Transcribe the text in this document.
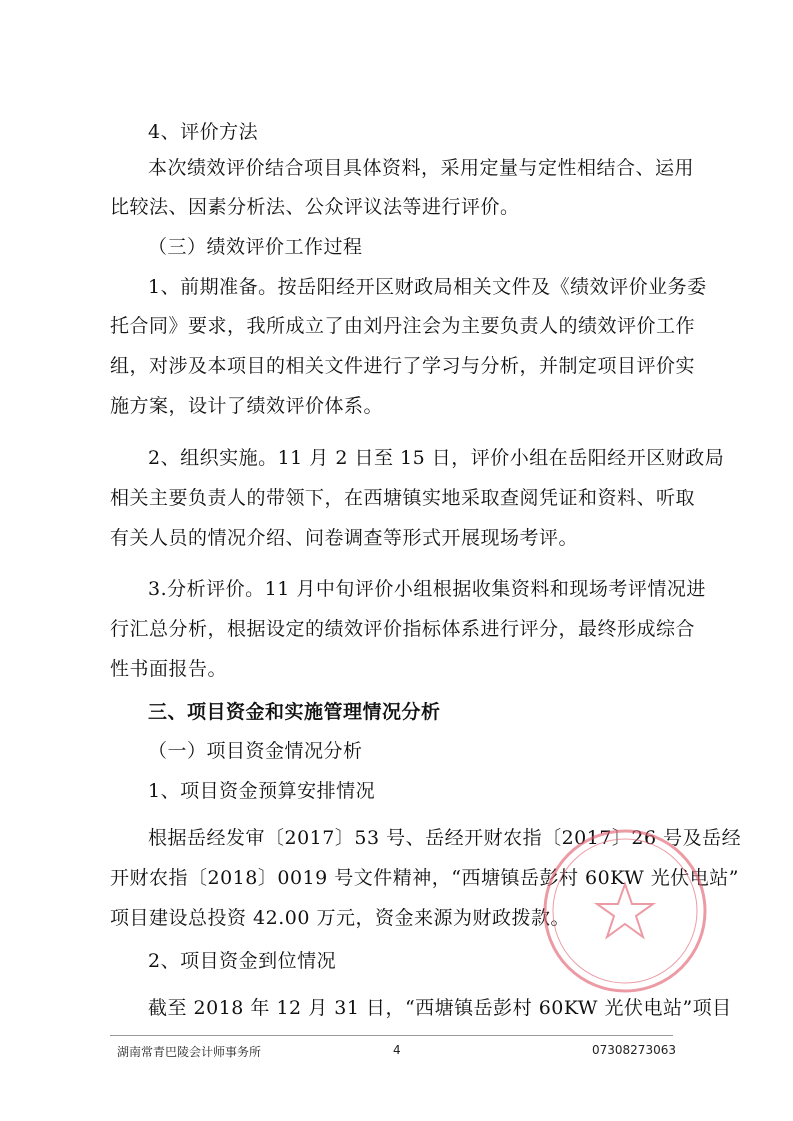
4、评价方法
本次绩效评价结合项目具体资料，采用定量与定性相结合、运用
比较法、因素分析法、公众评议法等进行评价。
（三）绩效评价工作过程
1、前期准备。按岳阳经开区财政局相关文件及《绩效评价业务委
托合同》要求，我所成立了由刘丹注会为主要负责人的绩效评价工作
组，对涉及本项目的相关文件进行了学习与分析，并制定项目评价实
施方案，设计了绩效评价体系。
2、组织实施。11 月 2 日至 15 日，评价小组在岳阳经开区财政局
相关主要负责人的带领下，在西塘镇实地采取查阅凭证和资料、听取
有关人员的情况介绍、问卷调查等形式开展现场考评。
3.分析评价。11 月中旬评价小组根据收集资料和现场考评情况进
行汇总分析，根据设定的绩效评价指标体系进行评分，最终形成综合
性书面报告。
三、项目资金和实施管理情况分析
（一）项目资金情况分析
1、项目资金预算安排情况
根据岳经发审〔2017〕53 号、岳经开财农指〔2017〕26 号及岳经
开财农指〔2018〕0019 号文件精神，“西塘镇岳彭村 60KW 光伏电站”
项目建设总投资 42.00 万元，资金来源为财政拨款。
2、项目资金到位情况
截至 2018 年 12 月 31 日，“西塘镇岳彭村 60KW 光伏电站”项目
湖南常青巴陵会计师事务所	4	07308273063
